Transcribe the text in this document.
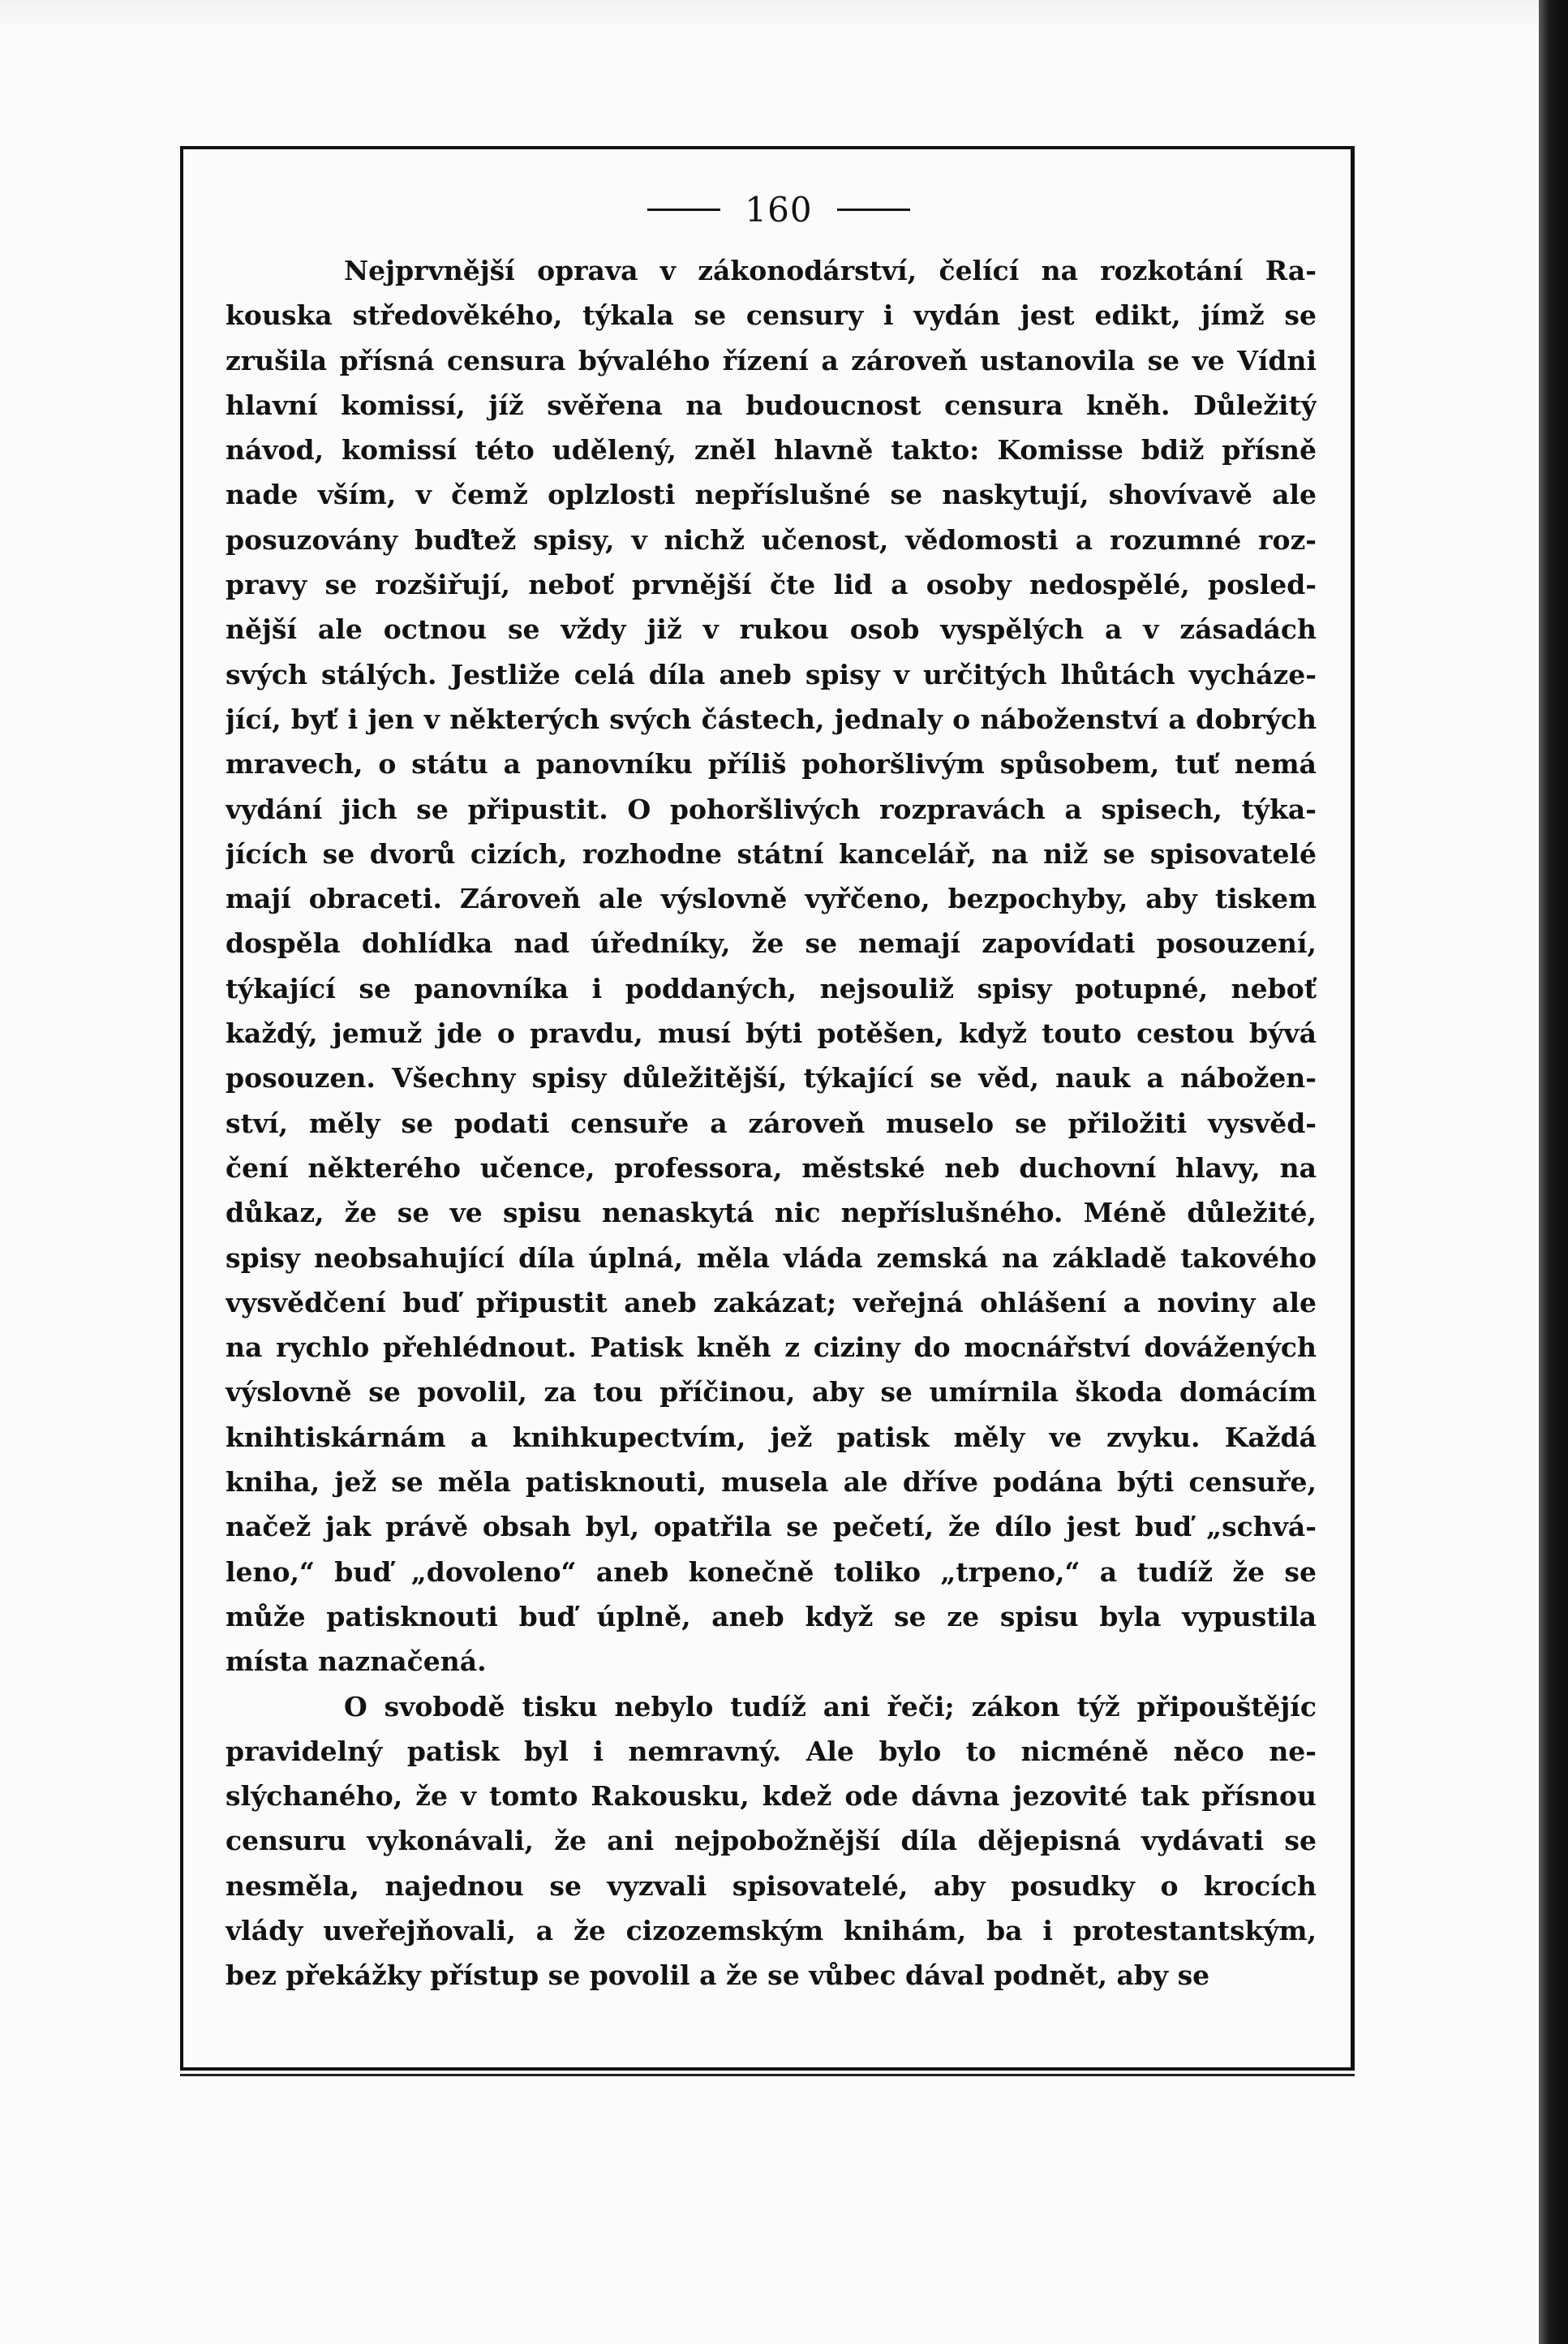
160
Nejprvnější oprava v zákonodárství, čelící na rozkotání Ra-
kouska středověkého, týkala se censury i vydán jest edikt, jímž se
zrušila přísná censura bývalého řízení a zároveň ustanovila se ve Vídni
hlavní komissí, jíž svěřena na budoucnost censura kněh. Důležitý
návod, komissí této udělený, zněl hlavně takto: Komisse bdiž přísně
nade vším, v čemž oplzlosti nepříslušné se naskytují, shovívavě ale
posuzovány buďtež spisy, v nichž učenost, vědomosti a rozumné roz-
pravy se rozšiřují, neboť prvnější čte lid a osoby nedospělé, posled-
nější ale octnou se vždy již v rukou osob vyspělých a v zásadách
svých stálých. Jestliže celá díla aneb spisy v určitých lhůtách vycháze-
jící, byť i jen v některých svých částech, jednaly o náboženství a dobrých
mravech, o státu a panovníku příliš pohoršlivým spůsobem, tuť nemá
vydání jich se připustit. O pohoršlivých rozpravách a spisech, týka-
jících se dvorů cizích, rozhodne státní kancelář, na niž se spisovatelé
mají obraceti. Zároveň ale výslovně vyřčeno, bezpochyby, aby tiskem
dospěla dohlídka nad úředníky, že se nemají zapovídati posouzení,
týkající se panovníka i poddaných, nejsouliž spisy potupné, neboť
každý, jemuž jde o pravdu, musí býti potěšen, když touto cestou bývá
posouzen. Všechny spisy důležitější, týkající se věd, nauk a nábožen-
ství, měly se podati censuře a zároveň muselo se přiložiti vysvěd-
čení některého učence, professora, městské neb duchovní hlavy, na
důkaz, že se ve spisu nenaskytá nic nepříslušného. Méně důležité,
spisy neobsahující díla úplná, měla vláda zemská na základě takového
vysvědčení buď připustit aneb zakázat; veřejná ohlášení a noviny ale
na rychlo přehlédnout. Patisk kněh z ciziny do mocnářství dovážených
výslovně se povolil, za tou příčinou, aby se umírnila škoda domácím
knihtiskárnám a knihkupectvím, jež patisk měly ve zvyku. Každá
kniha, jež se měla patisknouti, musela ale dříve podána býti censuře,
načež jak právě obsah byl, opatřila se pečetí, že dílo jest buď „schvá-
leno,“ buď „dovoleno“ aneb konečně toliko „trpeno,“ a tudíž že se
může patisknouti buď úplně, aneb když se ze spisu byla vypustila
místa naznačená.
O svobodě tisku nebylo tudíž ani řeči; zákon týž připouštějíc
pravidelný patisk byl i nemravný. Ale bylo to nicméně něco ne-
slýchaného, že v tomto Rakousku, kdež ode dávna jezovité tak přísnou
censuru vykonávali, že ani nejpobožnější díla dějepisná vydávati se
nesměla, najednou se vyzvali spisovatelé, aby posudky o krocích
vlády uveřejňovali, a že cizozemským knihám, ba i protestantským,
bez překážky přístup se povolil a že se vůbec dával podnět, aby se
